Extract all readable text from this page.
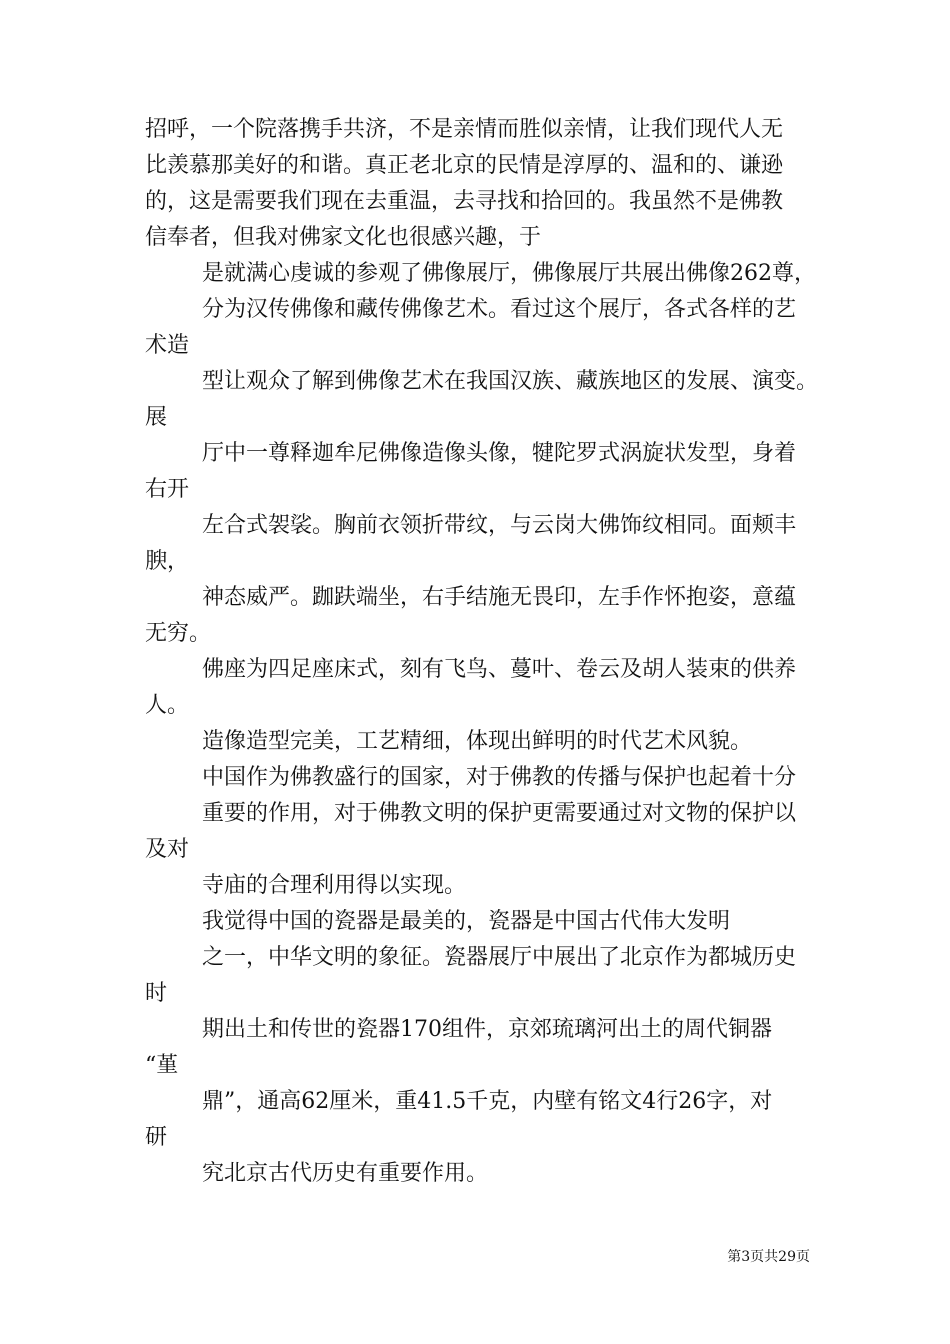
招呼，一个院落携手共济，不是亲情而胜似亲情，让我们现代人无
比羡慕那美好的和谐。真正老北京的民情是淳厚的、温和的、谦逊
的，这是需要我们现在去重温，去寻找和拾回的。我虽然不是佛教
信奉者，但我对佛家文化也很感兴趣，于
是就满心虔诚的参观了佛像展厅，佛像展厅共展出佛像262尊，
分为汉传佛像和藏传佛像艺术。看过这个展厅，各式各样的艺
术造
型让观众了解到佛像艺术在我国汉族、藏族地区的发展、演变。
展
厅中一尊释迦牟尼佛像造像头像，犍陀罗式涡旋状发型，身着
右开
左合式袈裟。胸前衣领折带纹，与云岗大佛饰纹相同。面颊丰
腴，
神态威严。跏趺端坐，右手结施无畏印，左手作怀抱姿，意蕴
无穷。
佛座为四足座床式，刻有飞鸟、蔓叶、卷云及胡人装束的供养
人。
造像造型完美，工艺精细，体现出鲜明的时代艺术风貌。
中国作为佛教盛行的国家，对于佛教的传播与保护也起着十分
重要的作用，对于佛教文明的保护更需要通过对文物的保护以
及对
寺庙的合理利用得以实现。
我觉得中国的瓷器是最美的，瓷器是中国古代伟大发明
之一，中华文明的象征。瓷器展厅中展出了北京作为都城历史
时
期出土和传世的瓷器170组件，京郊琉璃河出土的周代铜器
“堇
鼎”，通高62厘米，重41.5千克，内壁有铭文4行26字，对
研
究北京古代历史有重要作用。
第3页共29页
